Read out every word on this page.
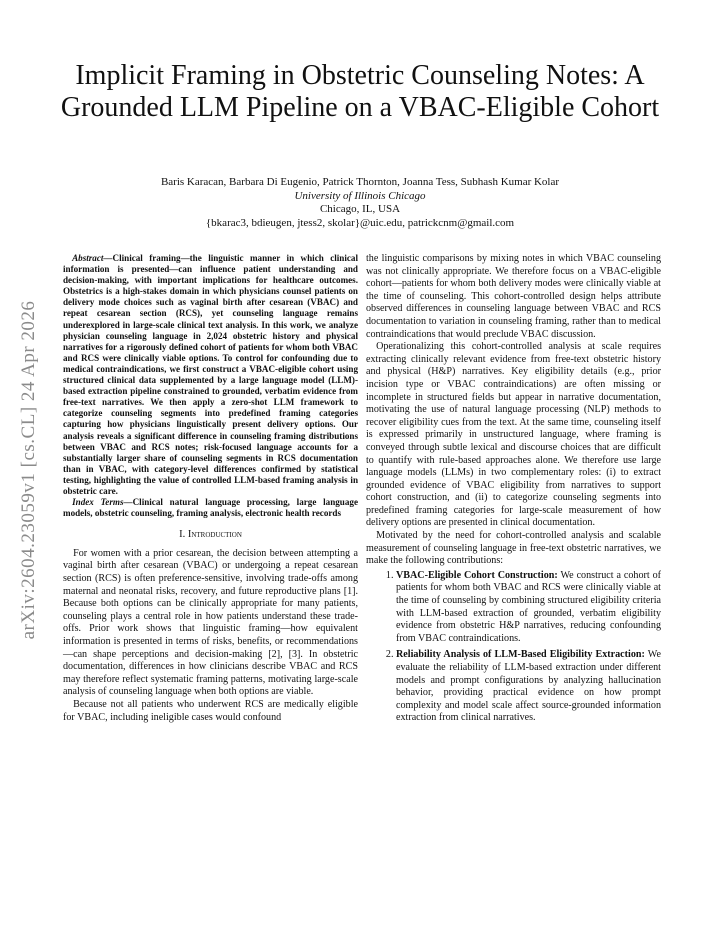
arXiv:2604.23059v1 [cs.CL] 24 Apr 2026
Implicit Framing in Obstetric Counseling Notes: A Grounded LLM Pipeline on a VBAC-Eligible Cohort
Baris Karacan, Barbara Di Eugenio, Patrick Thornton, Joanna Tess, Subhash Kumar Kolar
University of Illinois Chicago
Chicago, IL, USA
{bkarac3, bdieugen, jtess2, skolar}@uic.edu, patrickcnm@gmail.com

Abstract—Clinical framing—the linguistic manner in which clinical information is presented—can influence patient understanding and decision-making, with important implications for healthcare outcomes. Obstetrics is a high-stakes domain in which physicians counsel patients on delivery mode choices such as vaginal birth after cesarean (VBAC) and repeat cesarean section (RCS), yet counseling language remains underexplored in large-scale clinical text analysis. In this work, we analyze physician counseling language in 2,024 obstetric history and physical narratives for a rigorously defined cohort of patients for whom both VBAC and RCS were clinically viable options. To control for confounding due to medical contraindications, we first construct a VBAC-eligible cohort using structured clinical data supplemented by a large language model (LLM)-based extraction pipeline constrained to grounded, verbatim evidence from free-text narratives. We then apply a zero-shot LLM framework to categorize counseling segments into predefined framing categories capturing how physicians linguistically present delivery options. Our analysis reveals a significant difference in counseling framing distributions between VBAC and RCS notes; risk-focused language accounts for a substantially larger share of counseling segments in RCS documentation than in VBAC, with category-level differences confirmed by statistical testing, highlighting the value of controlled LLM-based framing analysis in obstetric care.

Index Terms—Clinical natural language processing, large language models, obstetric counseling, framing analysis, electronic health records

I. Introduction

For women with a prior cesarean, the decision between attempting a vaginal birth after cesarean (VBAC) or undergoing a repeat cesarean section (RCS) is often preference-sensitive, involving trade-offs among maternal and neonatal risks, recovery, and future reproductive plans [1]. Because both options can be clinically appropriate for many patients, counseling plays a central role in how patients understand these trade-offs. Prior work shows that linguistic framing—how equivalent information is presented in terms of risks, benefits, or recommendations—can shape perceptions and decision-making [2], [3]. In obstetric documentation, differences in how clinicians describe VBAC and RCS may therefore reflect systematic framing patterns, motivating large-scale analysis of counseling language when both options are viable.

Because not all patients who underwent RCS are medically eligible for VBAC, including ineligible cases would confound

the linguistic comparisons by mixing notes in which VBAC counseling was not clinically appropriate. We therefore focus on a VBAC-eligible cohort—patients for whom both delivery modes were clinically viable at the time of counseling. This cohort-controlled design helps attribute observed differences in counseling language between VBAC and RCS documentation to variation in counseling framing, rather than to medical contraindications that would preclude VBAC discussion.

Operationalizing this cohort-controlled analysis at scale requires extracting clinically relevant evidence from free-text obstetric history and physical (H&P) narratives. Key eligibility details (e.g., prior incision type or VBAC contraindications) are often missing or incomplete in structured fields but appear in narrative documentation, motivating the use of natural language processing (NLP) methods to recover eligibility cues from the text. At the same time, counseling itself is expressed primarily in unstructured language, where framing is conveyed through subtle lexical and discourse choices that are difficult to quantify with rule-based approaches alone. We therefore use large language models (LLMs) in two complementary roles: (i) to extract grounded evidence of VBAC eligibility from narratives to support cohort construction, and (ii) to categorize counseling segments into predefined framing categories for large-scale measurement of how delivery options are presented in clinical documentation.

Motivated by the need for cohort-controlled analysis and scalable measurement of counseling language in free-text obstetric narratives, we make the following contributions:

1. VBAC-Eligible Cohort Construction: We construct a cohort of patients for whom both VBAC and RCS were clinically viable at the time of counseling by combining structured eligibility criteria with LLM-based extraction of grounded, verbatim eligibility evidence from obstetric H&P narratives, reducing confounding from VBAC contraindications.
2. Reliability Analysis of LLM-Based Eligibility Extraction: We evaluate the reliability of LLM-based extraction under different models and prompt configurations by analyzing hallucination behavior, providing practical evidence on how prompt complexity and model scale affect source-grounded information extraction from clinical narratives.
